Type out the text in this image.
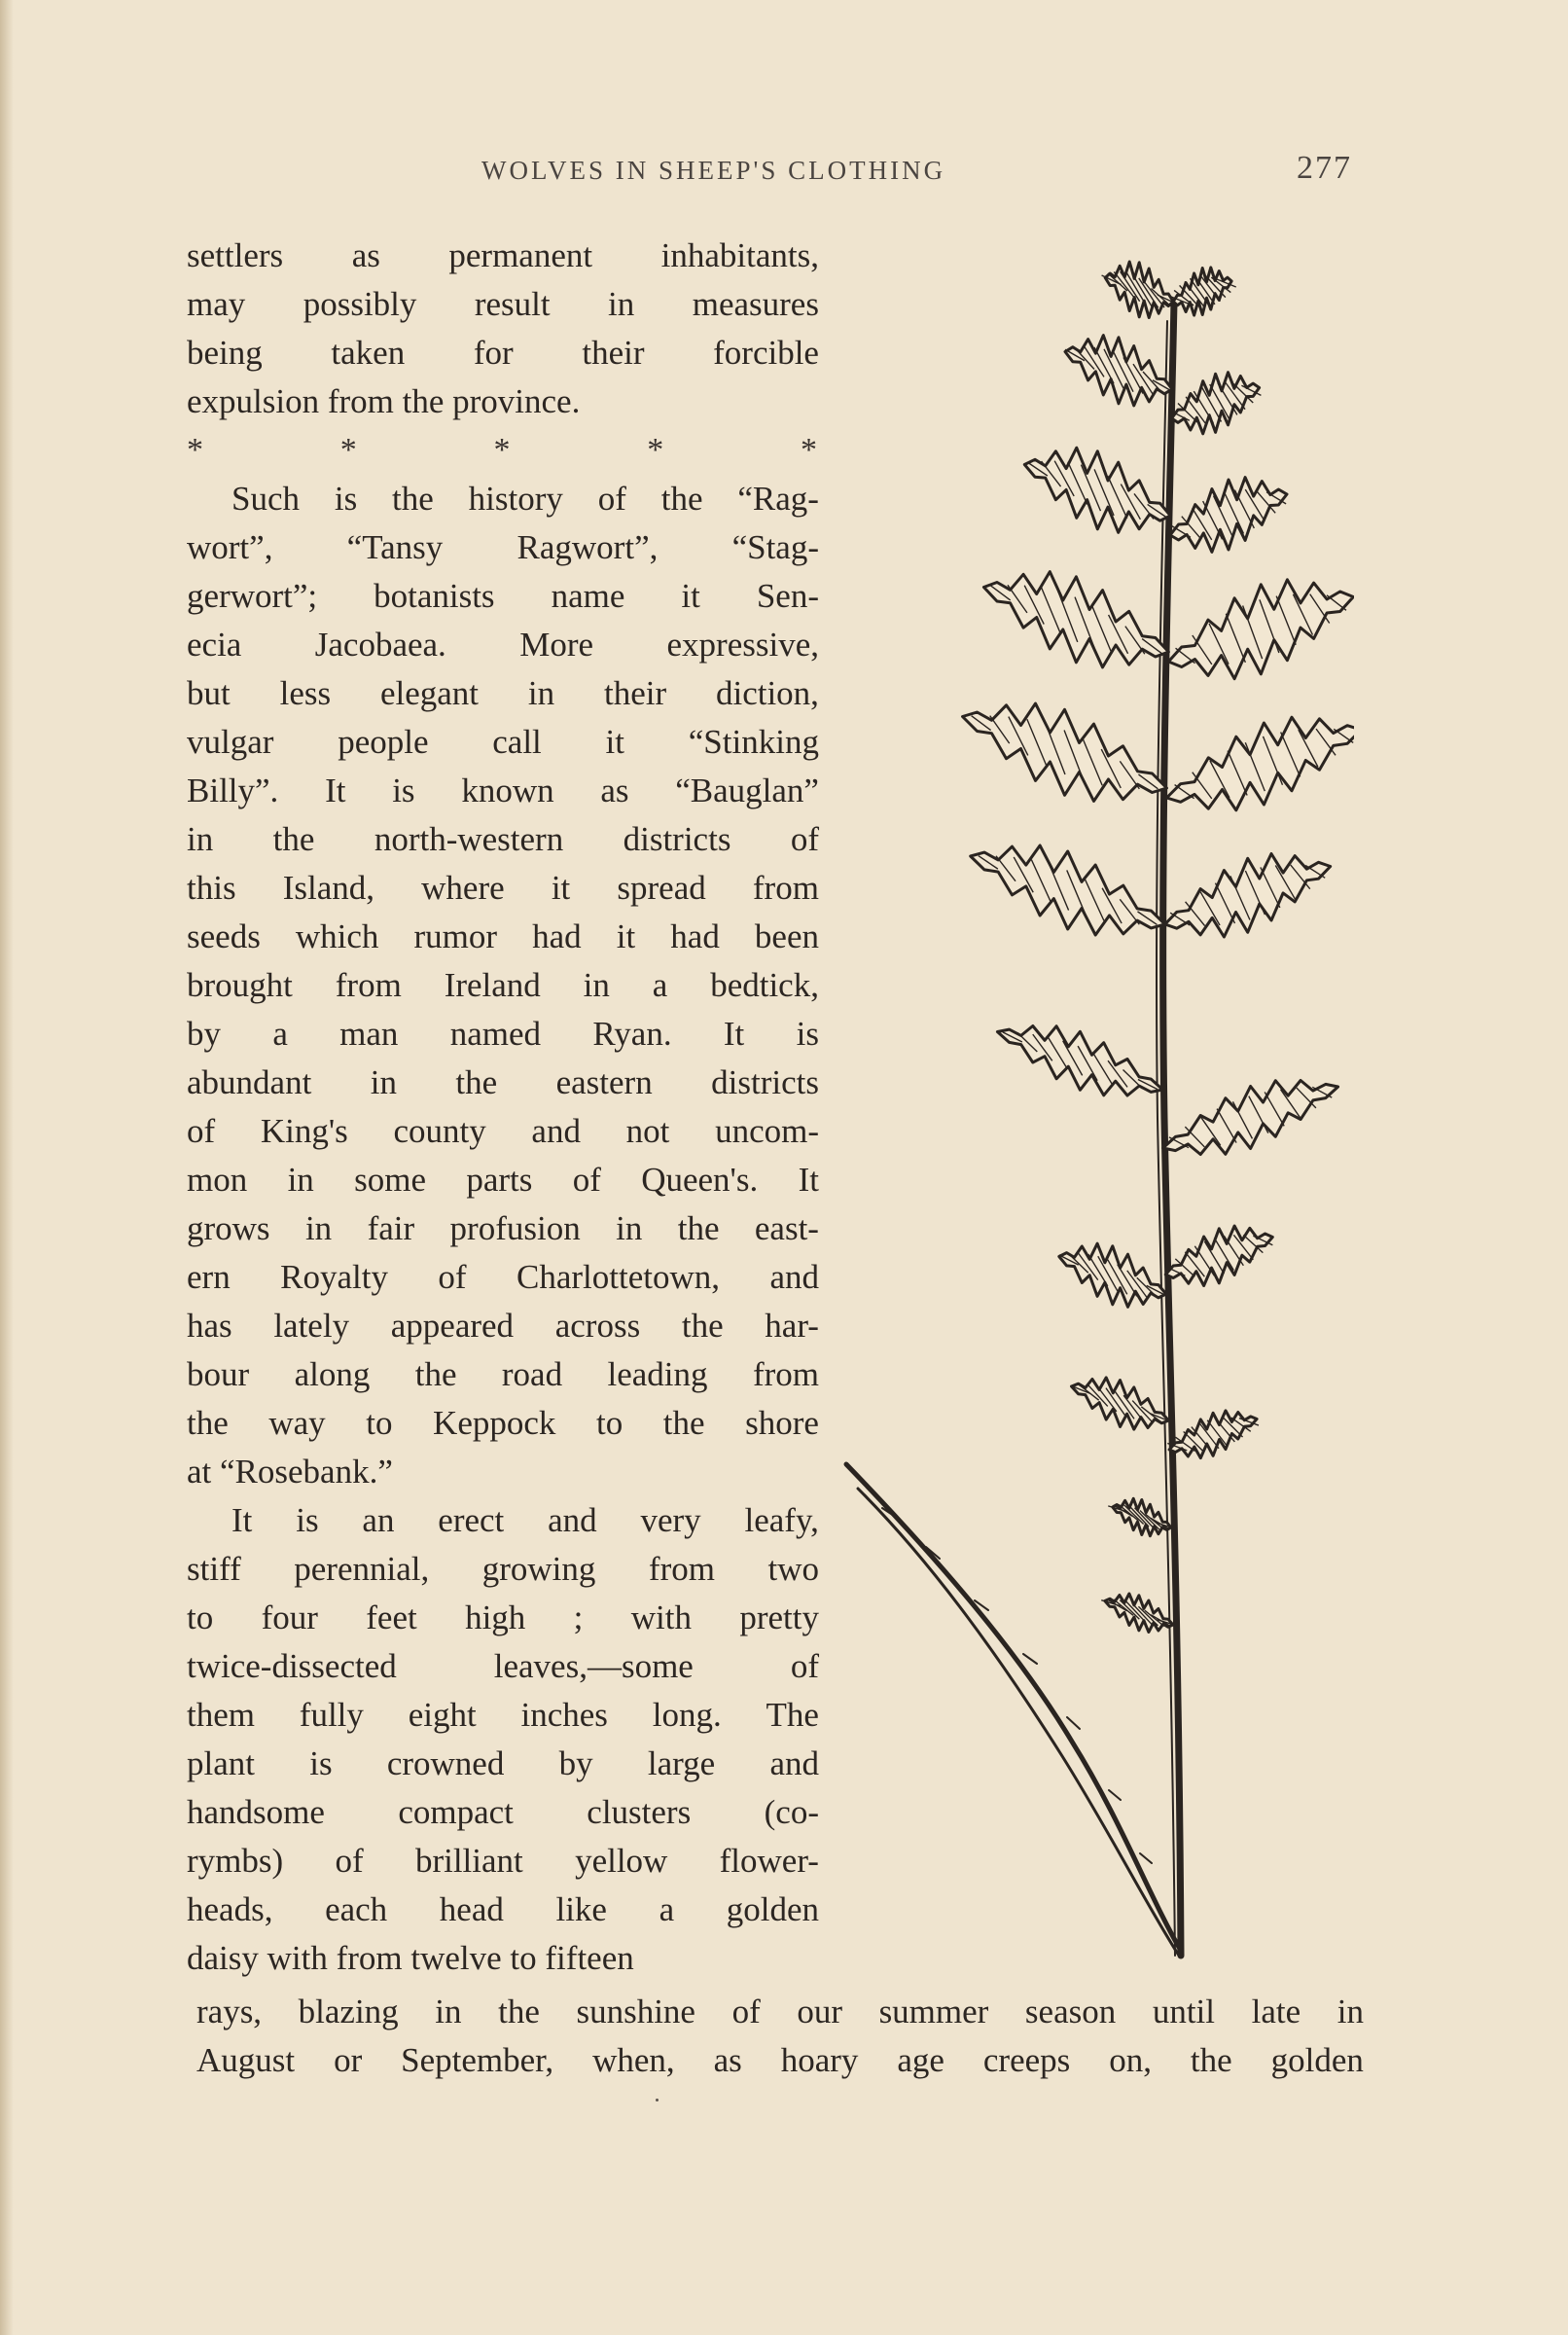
WOLVES IN SHEEP'S CLOTHING	277
settlers as permanent inhabitants,
may possibly result in measures
being taken for their forcible
expulsion from the province.
*	*	*	*	*
Such is the history of the “Rag-
wort”, “Tansy Ragwort”, “Stag-
gerwort”; botanists name it Sen-
ecia Jacobaea. More expressive,
but less elegant in their diction,
vulgar people call it “Stinking
Billy”. It is known as “Bauglan”
in the north-western districts of
this Island, where it spread from
seeds which rumor had it had been
brought from Ireland in a bedtick,
by a man named Ryan. It is
abundant in the eastern districts
of King's county and not uncom-
mon in some parts of Queen's. It
grows in fair profusion in the east-
ern Royalty of Charlottetown, and
has lately appeared across the har-
bour along the road leading from
the way to Keppock to the shore
at “Rosebank.”
It is an erect and very leafy,
stiff perennial, growing from two
to four feet high ; with pretty
twice-dissected	leaves,—some	of
them fully eight inches long. The
plant is crowned by large and
handsome compact clusters (co-
rymbs) of brilliant yellow flower-
heads, each head like a golden
daisy with from twelve to fifteen
rays, blazing in the sunshine of our summer season until late in
August or September, when, as hoary age creeps on, the golden
